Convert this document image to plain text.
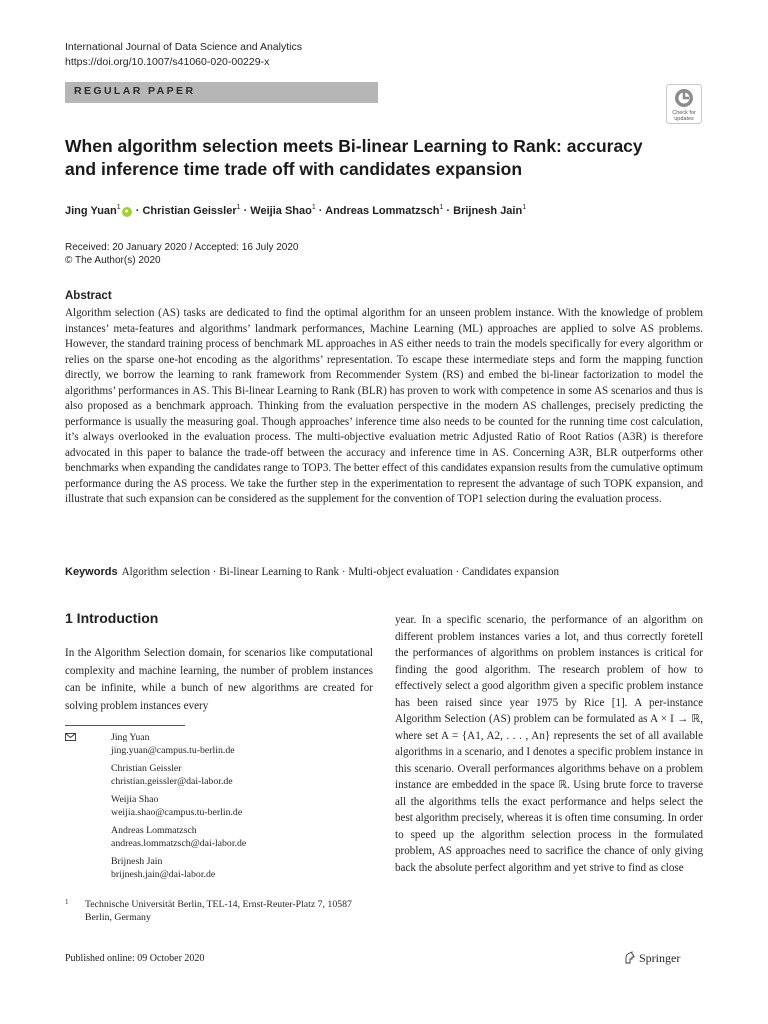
International Journal of Data Science and Analytics
https://doi.org/10.1007/s41060-020-00229-x
REGULAR PAPER
Check for
updates
When algorithm selection meets Bi-linear Learning to Rank: accuracy and inference time trade off with candidates expansion
Jing Yuan$^1$● · Christian Geissler$^1$ · Weijia Shao$^1$ · Andreas Lommatzsch$^1$ · Brijnesh Jain$^1$
Received: 20 January 2020 / Accepted: 16 July 2020
© The Author(s) 2020
Abstract

Algorithm selection (AS) tasks are dedicated to find the optimal algorithm for an unseen problem instance. With the knowledge of problem instances’ meta-features and algorithms’ landmark performances, Machine Learning (ML) approaches are applied to solve AS problems. However, the standard training process of benchmark ML approaches in AS either needs to train the models specifically for every algorithm or relies on the sparse one-hot encoding as the algorithms’ representation. To escape these intermediate steps and form the mapping function directly, we borrow the learning to rank framework from Recommender System (RS) and embed the bi-linear factorization to model the algorithms’ performances in AS. This Bi-linear Learning to Rank (BLR) has proven to work with competence in some AS scenarios and thus is also proposed as a benchmark approach. Thinking from the evaluation perspective in the modern AS challenges, precisely predicting the performance is usually the measuring goal. Though approaches’ inference time also needs to be counted for the running time cost calculation, it’s always overlooked in the evaluation process. The multi-objective evaluation metric Adjusted Ratio of Root Ratios (A3R) is therefore advocated in this paper to balance the trade-off between the accuracy and inference time in AS. Concerning A3R, BLR outperforms other benchmarks when expanding the candidates range to TOP3. The better effect of this candidates expansion results from the cumulative optimum performance during the AS process. We take the further step in the experimentation to represent the advantage of such TOPK expansion, and illustrate that such expansion can be considered as the supplement for the convention of TOP1 selection during the evaluation process.

Keywords Algorithm selection · Bi-linear Learning to Rank · Multi-object evaluation · Candidates expansion
1 Introduction

In the Algorithm Selection domain, for scenarios like computational complexity and machine learning, the number of problem instances can be infinite, while a bunch of new algorithms are created for solving problem instances every

year. In a specific scenario, the performance of an algorithm on different problem instances varies a lot, and thus correctly foretell the performances of algorithms on problem instances is critical for finding the good algorithm. The research problem of how to effectively select a good algorithm given a specific problem instance has been raised since year 1975 by Rice [1]. A per-instance Algorithm Selection (AS) problem can be formulated as A × I → ℝ, where set A = {A1, A2, . . . , An} represents the set of all available algorithms in a scenario, and I denotes a specific problem instance in this scenario. Overall performances algorithms behave on a problem instance are embedded in the space ℝ. Using brute force to traverse all the algorithms tells the exact performance and helps select the best algorithm precisely, whereas it is often time consuming. In order to speed up the algorithm selection process in the formulated problem, AS approaches need to sacrifice the chance of only giving back the absolute perfect algorithm and yet strive to find as close

Jing Yuan
jing.yuan@campus.tu-berlin.de
Christian Geissler
christian.geissler@dai-labor.de
Weijia Shao
weijia.shao@campus.tu-berlin.de
Andreas Lommatzsch
andreas.lommatzsch@dai-labor.de
Brijnesh Jain
brijnesh.jain@dai-labor.de
1 Technische Universität Berlin, TEL-14, Ernst-Reuter-Platz 7, 10587 Berlin, Germany
Published online: 09 October 2020	Springer
